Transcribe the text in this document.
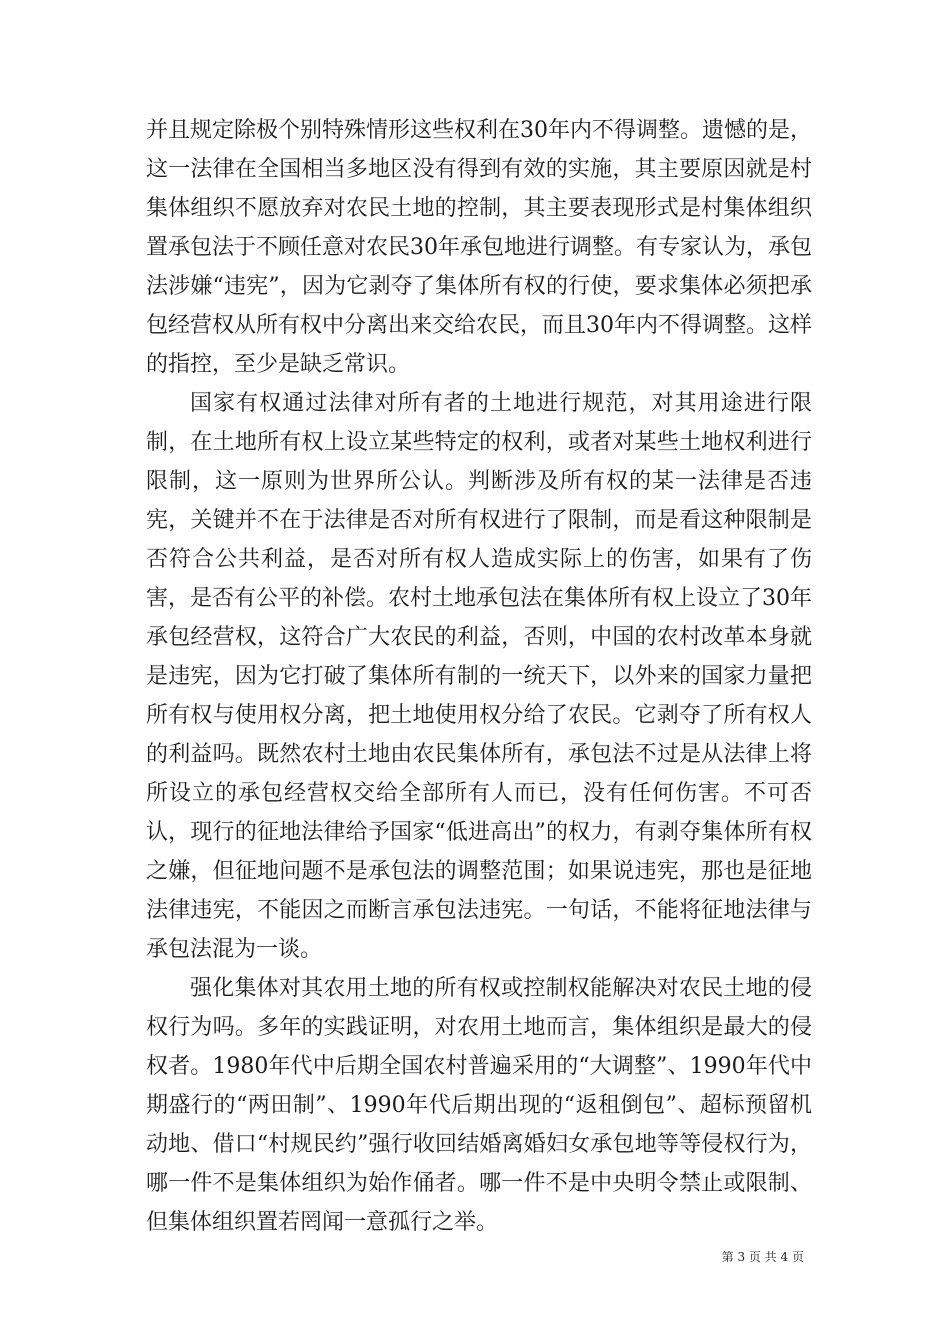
并且规定除极个别特殊情形这些权利在30年内不得调整。遗憾的是，这一法律在全国相当多地区没有得到有效的实施，其主要原因就是村集体组织不愿放弃对农民土地的控制，其主要表现形式是村集体组织置承包法于不顾任意对农民30年承包地进行调整。有专家认为，承包法涉嫌“违宪”，因为它剥夺了集体所有权的行使，要求集体必须把承包经营权从所有权中分离出来交给农民，而且30年内不得调整。这样的指控，至少是缺乏常识。

国家有权通过法律对所有者的土地进行规范，对其用途进行限制，在土地所有权上设立某些特定的权利，或者对某些土地权利进行限制，这一原则为世界所公认。判断涉及所有权的某一法律是否违宪，关键并不在于法律是否对所有权进行了限制，而是看这种限制是否符合公共利益，是否对所有权人造成实际上的伤害，如果有了伤害，是否有公平的补偿。农村土地承包法在集体所有权上设立了30年承包经营权，这符合广大农民的利益，否则，中国的农村改革本身就是违宪，因为它打破了集体所有制的一统天下，以外来的国家力量把所有权与使用权分离，把土地使用权分给了农民。它剥夺了所有权人的利益吗。既然农村土地由农民集体所有，承包法不过是从法律上将所设立的承包经营权交给全部所有人而已，没有任何伤害。不可否认，现行的征地法律给予国家“低进高出”的权力，有剥夺集体所有权之嫌，但征地问题不是承包法的调整范围；如果说违宪，那也是征地法律违宪，不能因之而断言承包法违宪。一句话，不能将征地法律与承包法混为一谈。

强化集体对其农用土地的所有权或控制权能解决对农民土地的侵权行为吗。多年的实践证明，对农用土地而言，集体组织是最大的侵权者。1980年代中后期全国农村普遍采用的“大调整”、1990年代中期盛行的“两田制”、1990年代后期出现的“返租倒包”、超标预留机动地、借口“村规民约”强行收回结婚离婚妇女承包地等等侵权行为，哪一件不是集体组织为始作俑者。哪一件不是中央明令禁止或限制、但集体组织置若罔闻一意孤行之举。

第 3 页 共 4 页
